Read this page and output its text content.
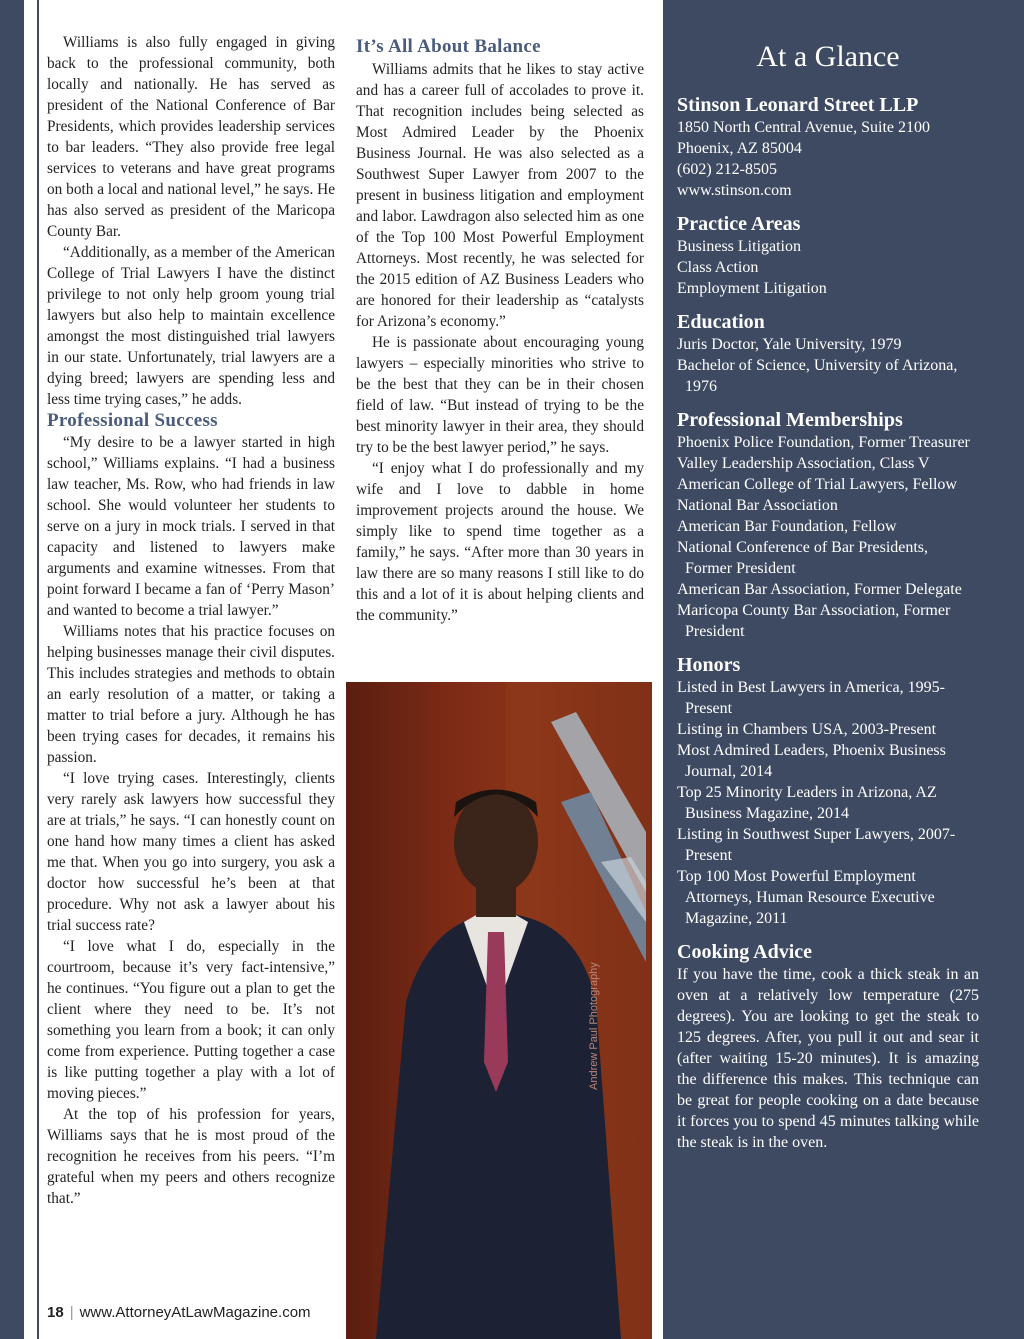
Williams is also fully engaged in giving back to the professional community, both locally and nationally. He has served as president of the National Conference of Bar Presidents, which provides leadership services to bar leaders. “They also provide free legal services to veterans and have great programs on both a local and national level,” he says. He has also served as president of the Maricopa County Bar.

“Additionally, as a member of the American College of Trial Lawyers I have the distinct privilege to not only help groom young trial lawyers but also help to maintain excellence amongst the most distinguished trial lawyers in our state. Unfortunately, trial lawyers are a dying breed; lawyers are spending less and less time trying cases,” he adds.

Professional Success

“My desire to be a lawyer started in high school,” Williams explains. “I had a business law teacher, Ms. Row, who had friends in law school. She would volunteer her students to serve on a jury in mock trials. I served in that capacity and listened to lawyers make arguments and examine witnesses. From that point forward I became a fan of ‘Perry Mason’ and wanted to become a trial lawyer.”

Williams notes that his practice focuses on helping businesses manage their civil disputes. This includes strategies and methods to obtain an early resolution of a matter, or taking a matter to trial before a jury. Although he has been trying cases for decades, it remains his passion.

“I love trying cases. Interestingly, clients very rarely ask lawyers how successful they are at trials,” he says. “I can honestly count on one hand how many times a client has asked me that. When you go into surgery, you ask a doctor how successful he’s been at that procedure. Why not ask a lawyer about his trial success rate?

“I love what I do, especially in the courtroom, because it’s very fact-intensive,” he continues. “You figure out a plan to get the client where they need to be. It’s not something you learn from a book; it can only come from experience. Putting together a case is like putting together a play with a lot of moving pieces.”

At the top of his profession for years, Williams says that he is most proud of the recognition he receives from his peers. “I’m grateful when my peers and others recognize that.”

It’s All About Balance

Williams admits that he likes to stay active and has a career full of accolades to prove it. That recognition includes being selected as Most Admired Leader by the Phoenix Business Journal. He was also selected as a Southwest Super Lawyer from 2007 to the present in business litigation and employment and labor. Lawdragon also selected him as one of the Top 100 Most Powerful Employment Attorneys. Most recently, he was selected for the 2015 edition of AZ Business Leaders who are honored for their leadership as “catalysts for Arizona’s economy.”

He is passionate about encouraging young lawyers – especially minorities who strive to be the best that they can be in their chosen field of law. “But instead of trying to be the best minority lawyer in their area, they should try to be the best lawyer period,” he says.

“I enjoy what I do professionally and my wife and I love to dabble in home improvement projects around the house. We simply like to spend time together as a family,” he says. “After more than 30 years in law there are so many reasons I still like to do this and a lot of it is about helping clients and the community.”

Andrew Paul Photography
18 | www.AttorneyAtLawMagazine.com
At a Glance
Stinson Leonard Street LLP
1850 North Central Avenue, Suite 2100
Phoenix, AZ 85004
(602) 212-8505
www.stinson.com
Practice Areas
Business Litigation
Class Action
Employment Litigation
Education
Juris Doctor, Yale University, 1979
Bachelor of Science, University of Arizona, 1976
Professional Memberships
Phoenix Police Foundation, Former Treasurer
Valley Leadership Association, Class V
American College of Trial Lawyers, Fellow
National Bar Association
American Bar Foundation, Fellow
National Conference of Bar Presidents, Former President
American Bar Association, Former Delegate
Maricopa County Bar Association, Former President
Honors
Listed in Best Lawyers in America, 1995-Present
Listing in Chambers USA, 2003-Present
Most Admired Leaders, Phoenix Business Journal, 2014
Top 25 Minority Leaders in Arizona, AZ Business Magazine, 2014
Listing in Southwest Super Lawyers, 2007-Present
Top 100 Most Powerful Employment Attorneys, Human Resource Executive Magazine, 2011
Cooking Advice
If you have the time, cook a thick steak in an oven at a relatively low temperature (275 degrees). You are looking to get the steak to 125 degrees. After, you pull it out and sear it (after waiting 15-20 minutes). It is amazing the difference this makes. This technique can be great for people cooking on a date because it forces you to spend 45 minutes talking while the steak is in the oven.
